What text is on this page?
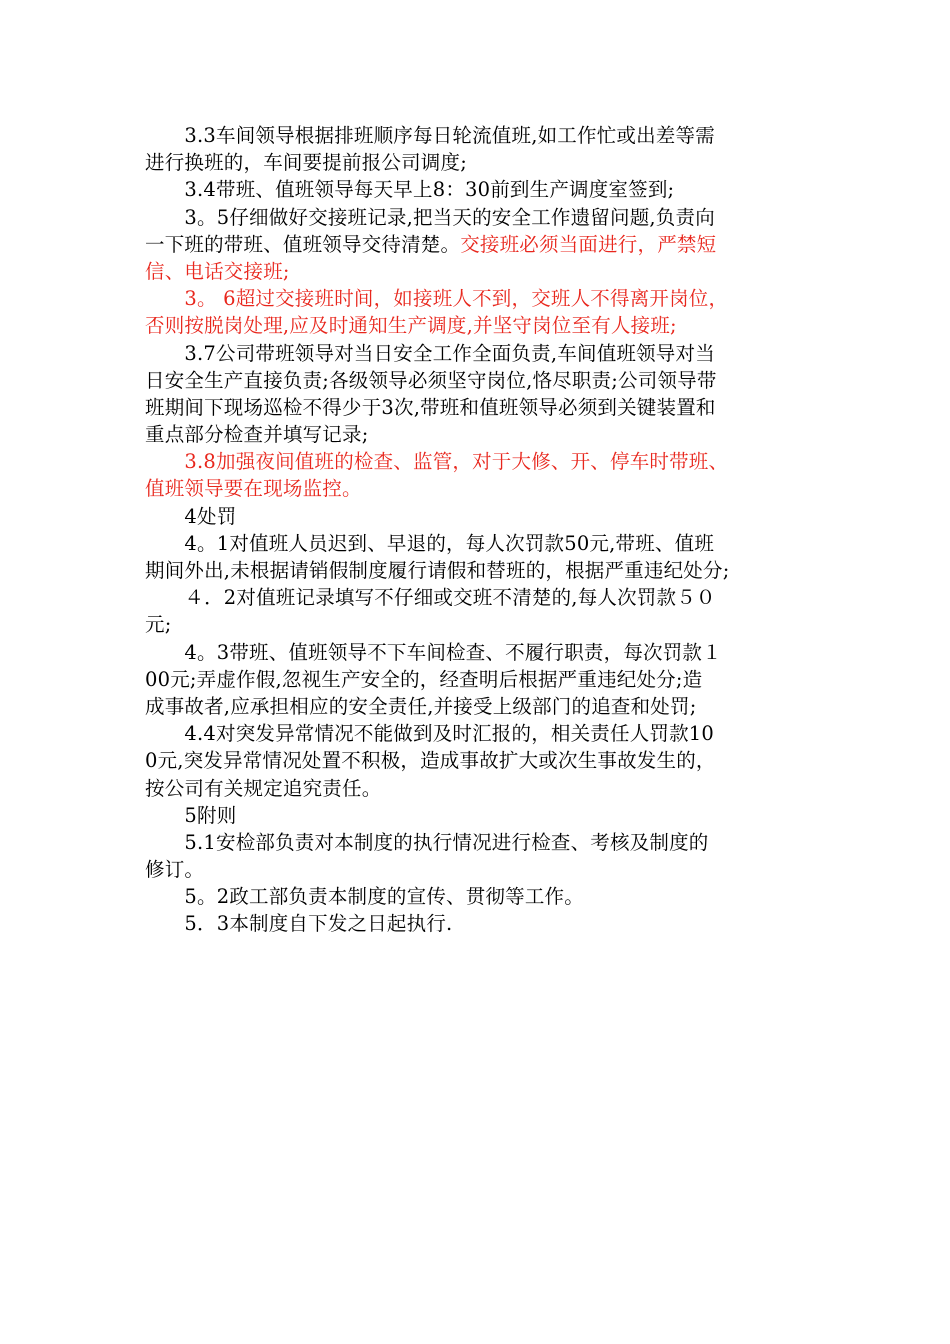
　　3.3车间领导根据排班顺序每日轮流值班,如工作忙或出差等需
进行换班的，车间要提前报公司调度;
　　3.4带班、值班领导每天早上8：30前到生产调度室签到;
　　3。5仔细做好交接班记录,把当天的安全工作遗留问题,负责向
一下班的带班、值班领导交待清楚。交接班必须当面进行，严禁短
信、电话交接班;
　　3。 6超过交接班时间，如接班人不到，交班人不得离开岗位，
否则按脱岗处理,应及时通知生产调度,并坚守岗位至有人接班;
　　3.7公司带班领导对当日安全工作全面负责,车间值班领导对当
日安全生产直接负责;各级领导必须坚守岗位,恪尽职责;公司领导带
班期间下现场巡检不得少于3次,带班和值班领导必须到关键装置和
重点部分检查并填写记录;
　　3.8加强夜间值班的检查、监管，对于大修、开、停车时带班、
值班领导要在现场监控。
　　4处罚
　　4。1对值班人员迟到、早退的，每人次罚款50元,带班、值班
期间外出,未根据请销假制度履行请假和替班的，根据严重违纪处分;
　　４．2对值班记录填写不仔细或交班不清楚的,每人次罚款５０
元;
　　4。3带班、值班领导不下车间检查、不履行职责，每次罚款１
00元;弄虚作假,忽视生产安全的，经查明后根据严重违纪处分;造
成事故者,应承担相应的安全责任,并接受上级部门的追查和处罚;
　　4.4对突发异常情况不能做到及时汇报的，相关责任人罚款10
0元,突发异常情况处置不积极，造成事故扩大或次生事故发生的，
按公司有关规定追究责任。
　　5附则
　　5.1安检部负责对本制度的执行情况进行检查、考核及制度的
修订。
　　5。2政工部负责本制度的宣传、贯彻等工作。
　　5．3本制度自下发之日起执行.
